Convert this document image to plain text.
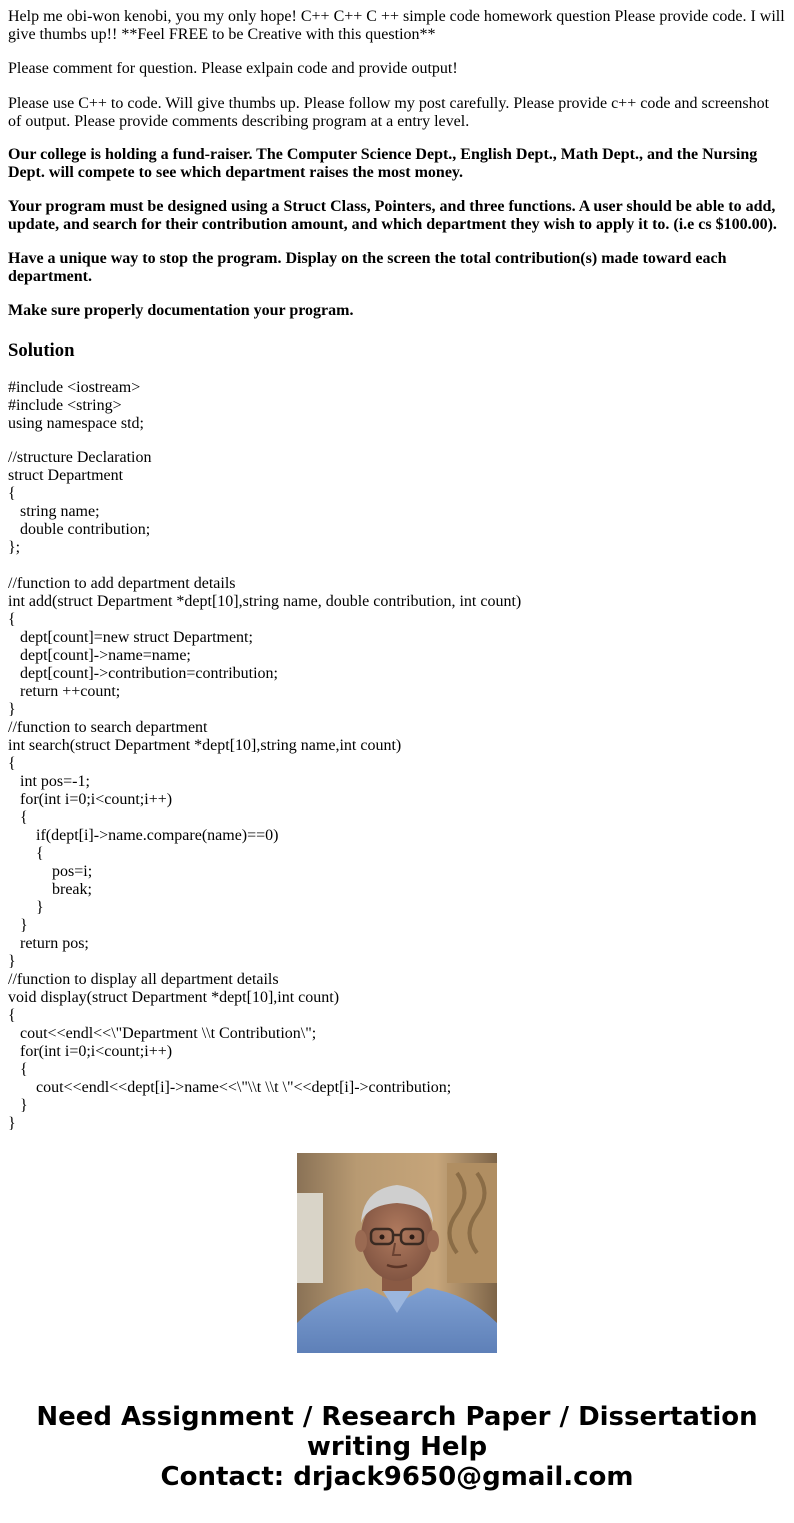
Help me obi-won kenobi, you my only hope! C++ C++ C ++ simple code homework question Please provide code. I will give thumbs up!! **Feel FREE to be Creative with this question**

Please comment for question. Please exlpain code and provide output!

Please use C++ to code. Will give thumbs up. Please follow my post carefully. Please provide c++ code and screenshot of output. Please provide comments describing program at a entry level.

Our college is holding a fund-raiser. The Computer Science Dept., English Dept., Math Dept., and the Nursing Dept. will compete to see which department raises the most money.

Your program must be designed using a Struct Class, Pointers, and three functions. A user should be able to add, update, and search for their contribution amount, and which department they wish to apply it to. (i.e cs $100.00).

Have a unique way to stop the program. Display on the screen the total contribution(s) made toward each department.

Make sure properly documentation your program.

Solution
#include <iostream>
#include <string>
using namespace std;
//structure Declaration
struct Department
{
string name;
double contribution;
};

//function to add department details
int add(struct Department *dept[10],string name, double contribution, int count)
{
dept[count]=new struct Department;
dept[count]->name=name;
dept[count]->contribution=contribution;
return ++count;
}
//function to search department
int search(struct Department *dept[10],string name,int count)
{
int pos=-1;
for(int i=0;i<count;i++)
{
if(dept[i]->name.compare(name)==0)
{
pos=i;
break;
}
}
return pos;
}
//function to display all department details
void display(struct Department *dept[10],int count)
{
cout<<endl<<\"Department \\t Contribution\";
for(int i=0;i<count;i++)
{
cout<<endl<<dept[i]->name<<\"\\t \\t \"<<dept[i]->contribution;
}
}
Need Assignment / Research Paper / Dissertation
writing Help
Contact: drjack9650@gmail.com
